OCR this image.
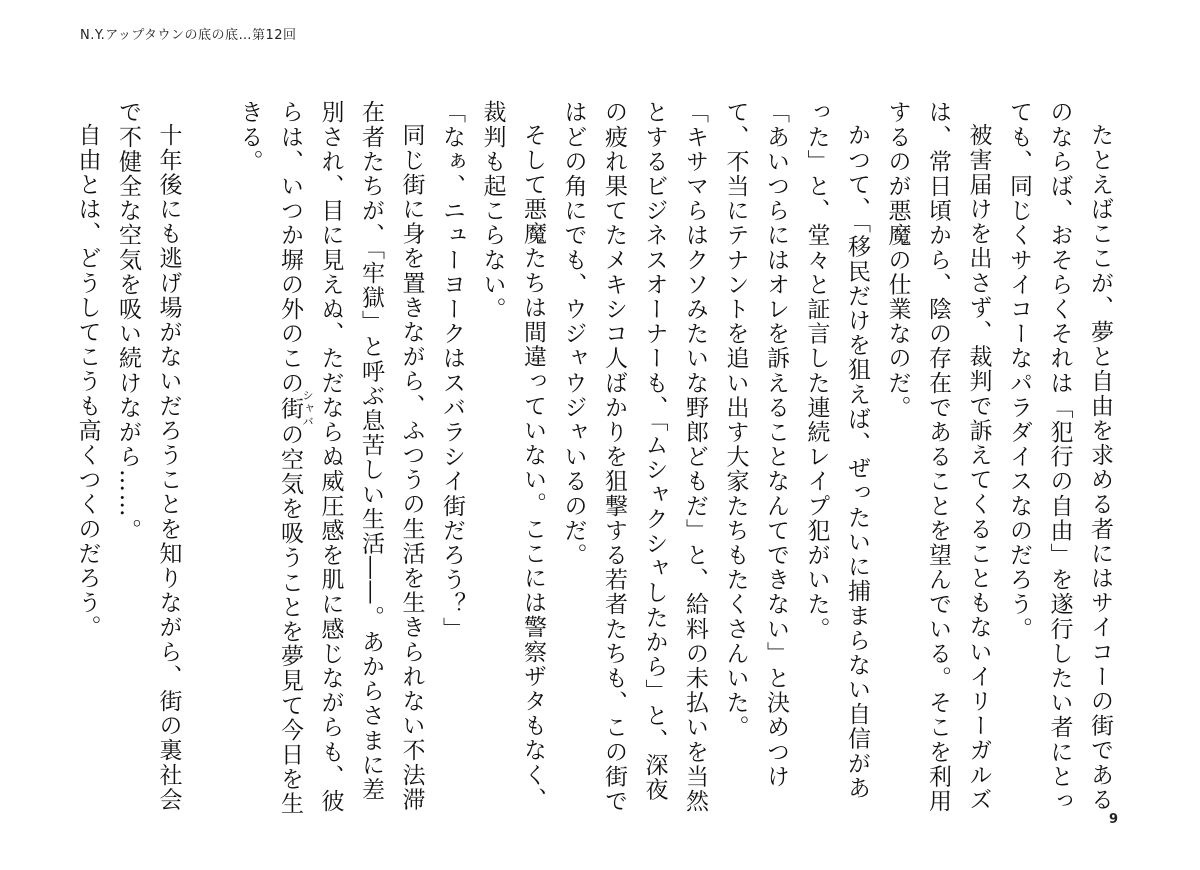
N.Y.アップタウンの底の底…第12回

たとえばここが、夢と自由を求める者にはサイコーの街であるのならば、おそらくそれは「犯行の自由」を遂行したい者にとっても、同じくサイコーなパラダイスなのだろう。

被害届けを出さず、裁判で訴えてくることもないイリーガルズは、常日頃から、陰の存在であることを望んでいる。そこを利用するのが悪魔の仕業なのだ。

かつて、「移民だけを狙えば、ぜったいに捕まらない自信があった」と、堂々と証言した連続レイプ犯がいた。

「あいつらにはオレを訴えることなんてできない」と決めつけて、不当にテナントを追い出す大家たちもたくさんいた。

「キサマらはクソみたいな野郎どもだ」と、給料の未払いを当然とするビジネスオーナーも、「ムシャクシャしたから」と、深夜の疲れ果てたメキシコ人ばかりを狙撃する若者たちも、この街ではどの角にでも、ウジャウジャいるのだ。

そして悪魔たちは間違っていない。ここには警察ザタもなく、裁判も起こらない。

「なぁ、ニューヨークはスバラシイ街だろう？」

同じ街に身を置きながら、ふつうの生活を生きられない不法滞在者たちが、「牢獄」と呼ぶ息苦しい生活――。あからさまに差別され、目に見えぬ、ただならぬ威圧感を肌に感じながらも、彼らは、いつか塀の外のこの街シャバの空気を吸うことを夢見て今日を生きる。

十年後にも逃げ場がないだろうことを知りながら、街の裏社会で不健全な空気を吸い続けながら……。

自由とは、どうしてこうも高くつくのだろう。

9
